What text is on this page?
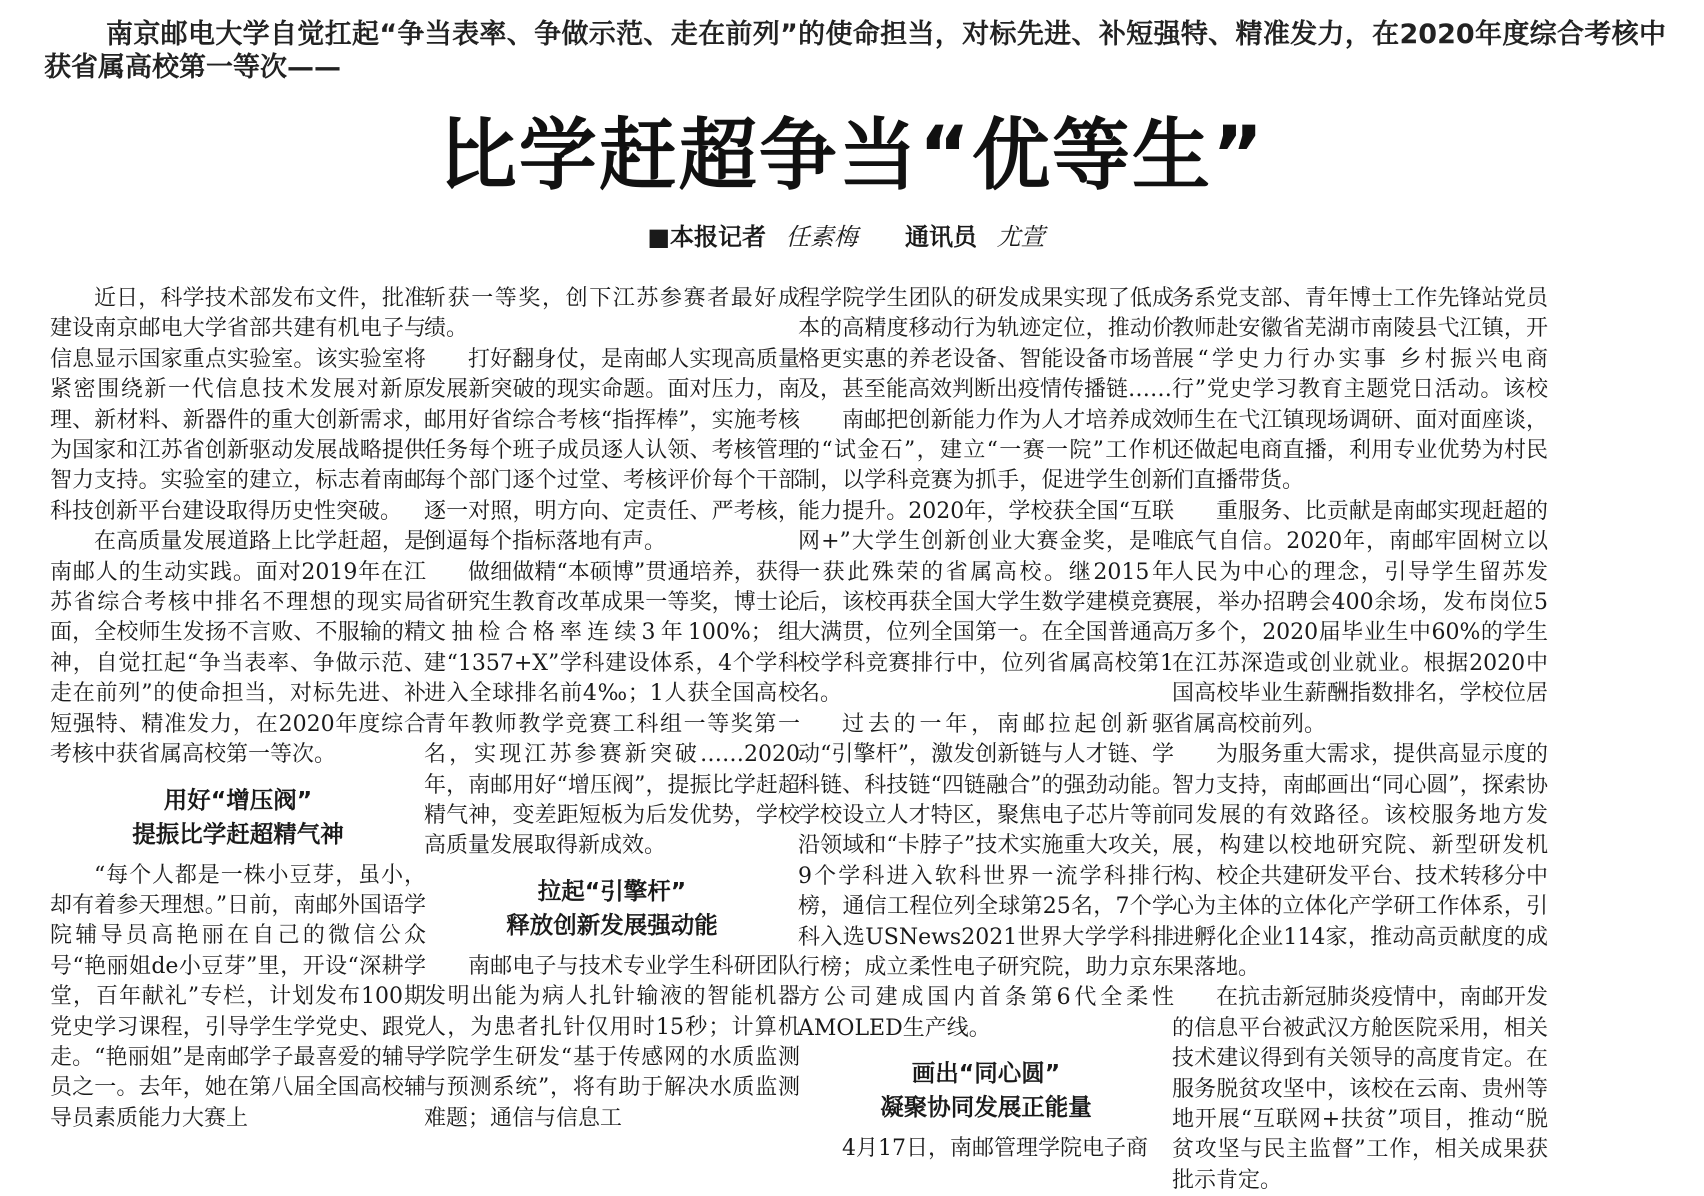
南京邮电大学自觉扛起“争当表率、争做示范、走在前列”的使命担当，对标先进、补短强特、精准发力，在2020年度综合考核中获省属高校第一等次——
比学赶超争当“优等生”
■本报记者 任素梅 通讯员 尤萱

近日，科学技术部发布文件，批准建设南京邮电大学省部共建有机电子与信息显示国家重点实验室。该实验室将紧密围绕新一代信息技术发展对新原理、新材料、新器件的重大创新需求，为国家和江苏省创新驱动发展战略提供智力支持。实验室的建立，标志着南邮科技创新平台建设取得历史性突破。

在高质量发展道路上比学赶超，是南邮人的生动实践。面对2019年在江苏省综合考核中排名不理想的现实局面，全校师生发扬不言败、不服输的精神，自觉扛起“争当表率、争做示范、走在前列”的使命担当，对标先进、补短强特、精准发力，在2020年度综合考核中获省属高校第一等次。

用好“增压阀”
提振比学赶超精气神

“每个人都是一株小豆芽，虽小，却有着参天理想。”日前，南邮外国语学院辅导员高艳丽在自己的微信公众号“艳丽姐de小豆芽”里，开设“深耕学堂，百年献礼”专栏，计划发布100期党史学习课程，引导学生学党史、跟党走。“艳丽姐”是南邮学子最喜爱的辅导员之一。去年，她在第八届全国高校辅导员素质能力大赛上

斩获一等奖，创下江苏参赛者最好成绩。

打好翻身仗，是南邮人实现高质量发展新突破的现实命题。面对压力，南邮用好省综合考核“指挥棒”，实施考核任务每个班子成员逐人认领、考核管理每个部门逐个过堂、考核评价每个干部逐一对照，明方向、定责任、严考核，倒逼每个指标落地有声。

做细做精“本硕博”贯通培养，获得省研究生教育改革成果一等奖，博士论文抽检合格率连续3年100%；组建“1357+X”学科建设体系，4个学科进入全球排名前4‰；1人获全国高校青年教师教学竞赛工科组一等奖第一名，实现江苏参赛新突破……2020年，南邮用好“增压阀”，提振比学赶超精气神，变差距短板为后发优势，学校高质量发展取得新成效。

拉起“引擎杆”
释放创新发展强动能

南邮电子与技术专业学生科研团队发明出能为病人扎针输液的智能机器人，为患者扎针仅用时15秒；计算机学院学生研发“基于传感网的水质监测与预测系统”，将有助于解决水质监测难题；通信与信息工

程学院学生团队的研发成果实现了低成本的高精度移动行为轨迹定位，推动价格更实惠的养老设备、智能设备市场普及，甚至能高效判断出疫情传播链……

南邮把创新能力作为人才培养成效的“试金石”，建立“一赛一院”工作机制，以学科竞赛为抓手，促进学生创新能力提升。2020年，学校获全国“互联网+”大学生创新创业大赛金奖，是唯一获此殊荣的省属高校。继2015年后，该校再获全国大学生数学建模竞赛大满贯，位列全国第一。在全国普通高校学科竞赛排行中，位列省属高校第1名。

过去的一年，南邮拉起创新驱动“引擎杆”，激发创新链与人才链、学科链、科技链“四链融合”的强劲动能。学校设立人才特区，聚焦电子芯片等前沿领域和“卡脖子”技术实施重大攻关，9个学科进入软科世界一流学科排行榜，通信工程位列全球第25名，7个学科入选USNews2021世界大学学科排行榜；成立柔性电子研究院，助力京东方公司建成国内首条第6代全柔性AMOLED生产线。

画出“同心圆”
凝聚协同发展正能量

4月17日，南邮管理学院电子商

务系党支部、青年博士工作先锋站党员教师赴安徽省芜湖市南陵县弋江镇，开展“学史力行办实事 乡村振兴电商行”党史学习教育主题党日活动。该校师生在弋江镇现场调研、面对面座谈，还做起电商直播，利用专业优势为村民们直播带货。

重服务、比贡献是南邮实现赶超的底气自信。2020年，南邮牢固树立以人民为中心的理念，引导学生留苏发展，举办招聘会400余场，发布岗位5万多个，2020届毕业生中60%的学生在江苏深造或创业就业。根据2020中国高校毕业生薪酬指数排名，学校位居省属高校前列。

为服务重大需求，提供高显示度的智力支持，南邮画出“同心圆”，探索协同发展的有效路径。该校服务地方发展，构建以校地研究院、新型研发机构、校企共建研发平台、技术转移分中心为主体的立体化产学研工作体系，引进孵化企业114家，推动高贡献度的成果落地。

在抗击新冠肺炎疫情中，南邮开发的信息平台被武汉方舱医院采用，相关技术建议得到有关领导的高度肯定。在服务脱贫攻坚中，该校在云南、贵州等地开展“互联网+扶贫”项目，推动“脱贫攻坚与民主监督”工作，相关成果获批示肯定。
